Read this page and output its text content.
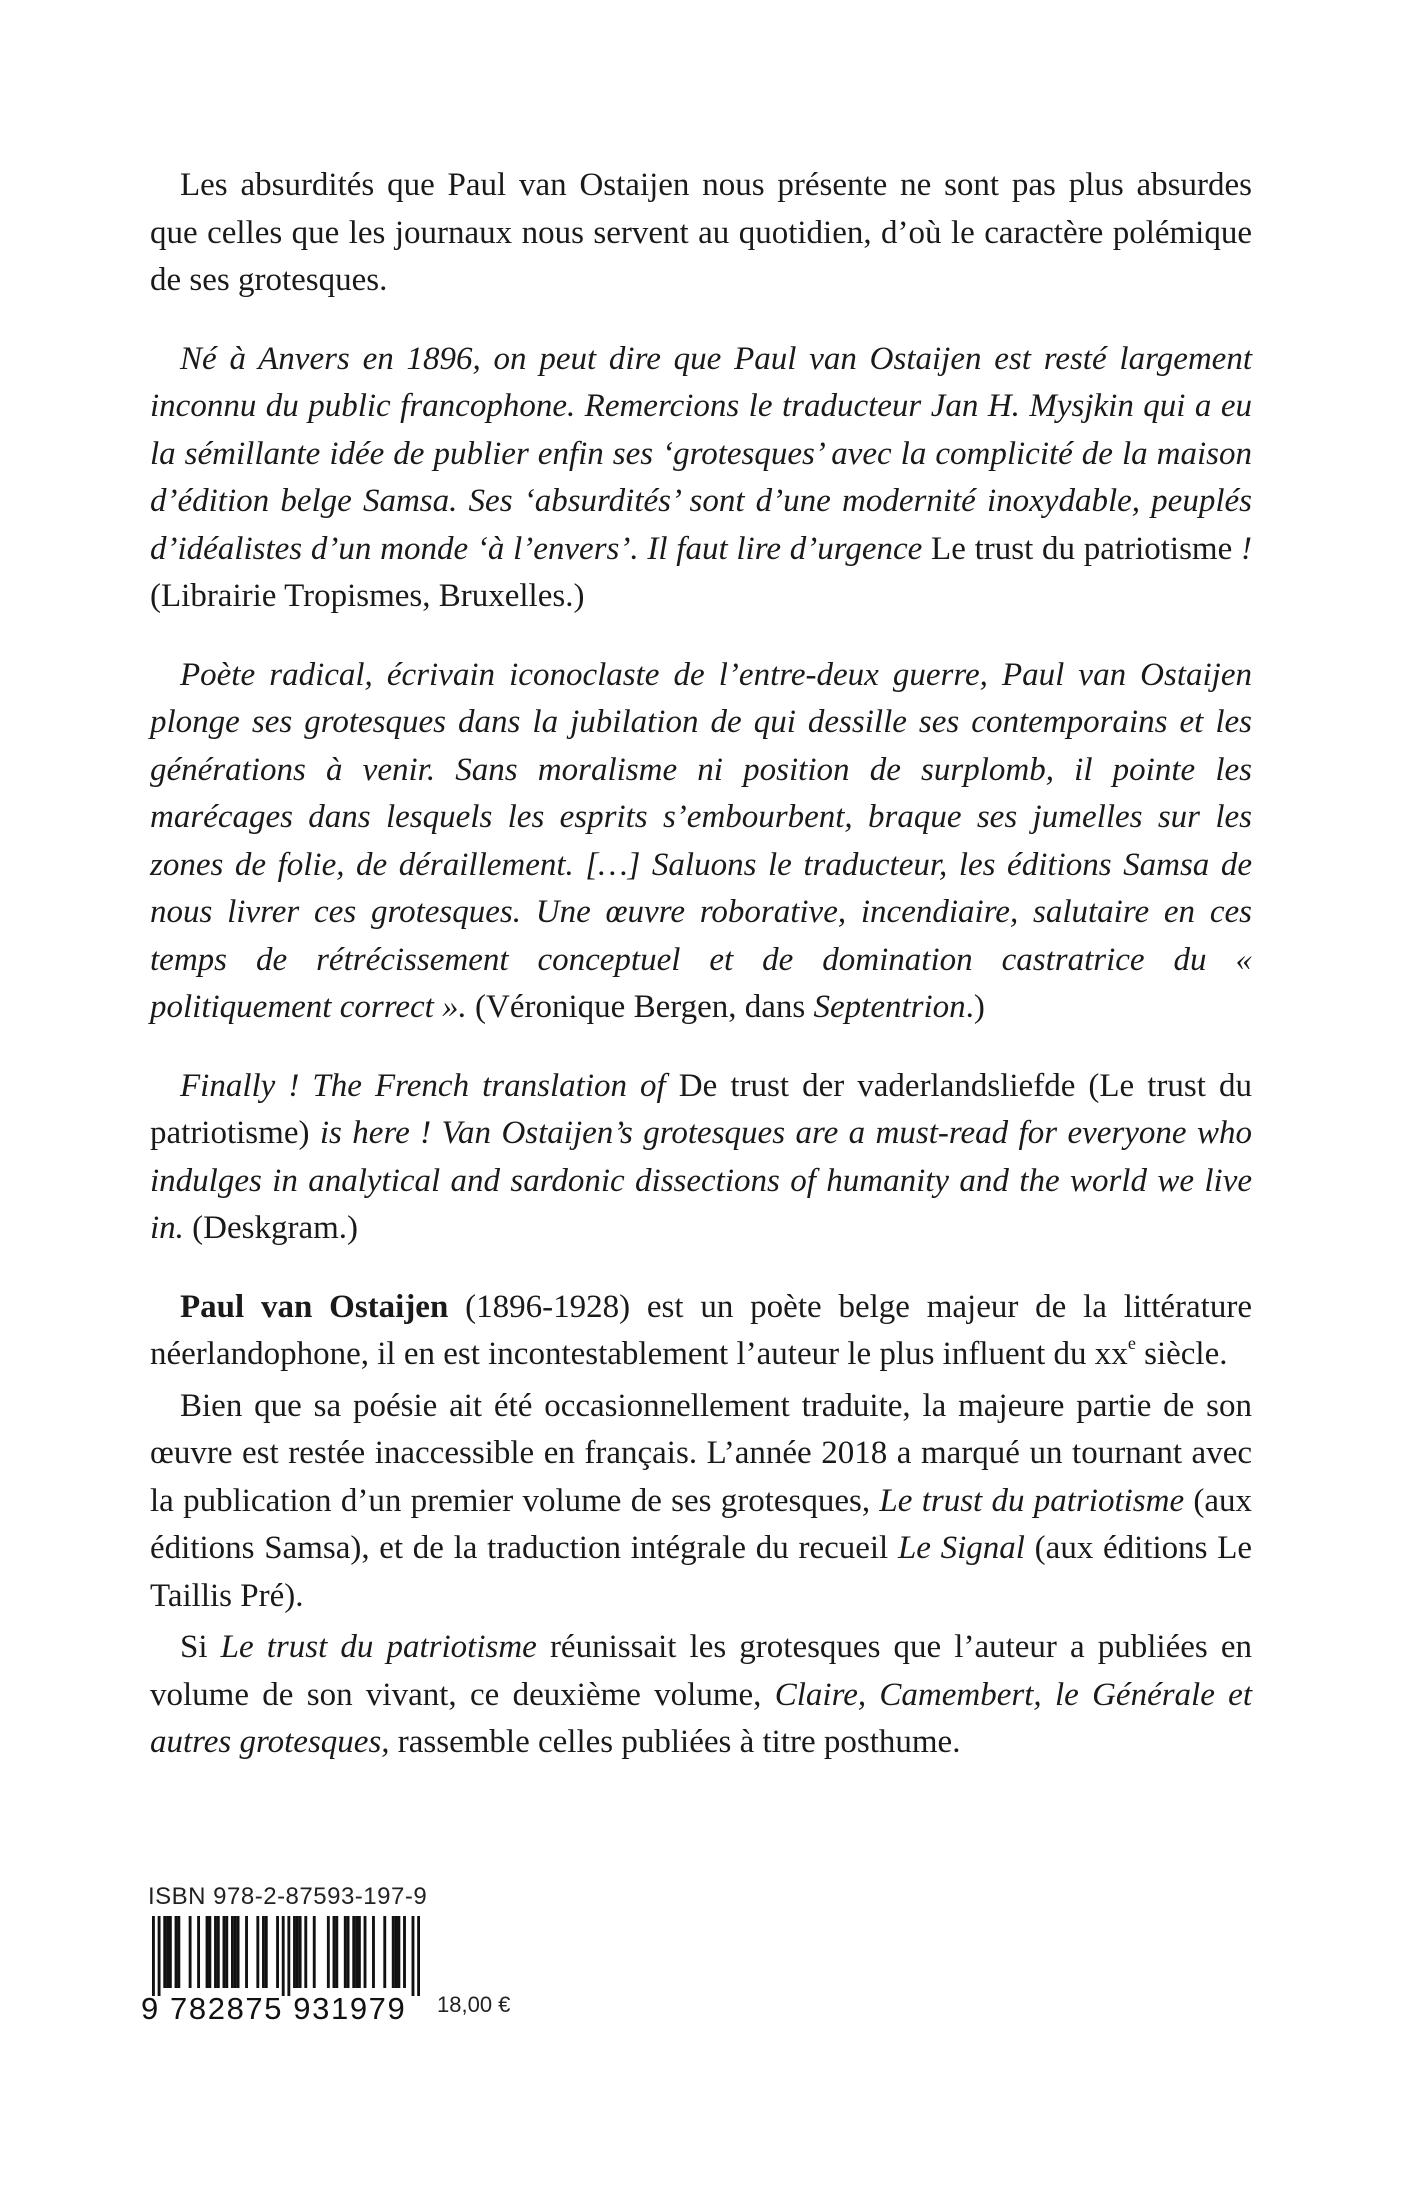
Les absurdités que Paul van Ostaijen nous présente ne sont pas plus absurdes que celles que les journaux nous servent au quotidien, d’où le caractère polémique de ses grotesques.

Né à Anvers en 1896, on peut dire que Paul van Ostaijen est resté largement inconnu du public francophone. Remercions le traducteur Jan H. Mysjkin qui a eu la sémillante idée de publier enfin ses ‘grotesques’ avec la complicité de la maison d’édition belge Samsa. Ses ‘absurdités’ sont d’une modernité inoxydable, peuplés d’idéalistes d’un monde ‘à l’envers’. Il faut lire d’urgence Le trust du patriotisme ! (Librairie Tropismes, Bruxelles.)

Poète radical, écrivain iconoclaste de l’entre-deux guerre, Paul van Ostaijen plonge ses grotesques dans la jubilation de qui dessille ses contemporains et les générations à venir. Sans moralisme ni position de surplomb, il pointe les marécages dans lesquels les esprits s’embourbent, braque ses jumelles sur les zones de folie, de déraillement. […] Saluons le traducteur, les éditions Samsa de nous livrer ces grotesques. Une œuvre roborative, incendiaire, salutaire en ces temps de rétrécissement conceptuel et de domination castratrice du « politiquement correct ». (Véronique Bergen, dans Septentrion.)

Finally ! The French translation of De trust der vaderlandsliefde (Le trust du patriotisme) is here ! Van Ostaijen’s grotesques are a must-read for everyone who indulges in analytical and sardonic dissections of humanity and the world we live in. (Deskgram.)

Paul van Ostaijen (1896-1928) est un poète belge majeur de la littérature néerlandophone, il en est incontestablement l’auteur le plus influent du $xx^e$ siècle.

Bien que sa poésie ait été occasionnellement traduite, la majeure partie de son œuvre est restée inaccessible en français. L’année 2018 a marqué un tournant avec la publication d’un premier volume de ses grotesques, Le trust du patriotisme (aux éditions Samsa), et de la traduction intégrale du recueil Le Signal (aux éditions Le Taillis Pré).

Si Le trust du patriotisme réunissait les grotesques que l’auteur a publiées en volume de son vivant, ce deuxième volume, Claire, Camembert, le Générale et autres grotesques, rassemble celles publiées à titre posthume.

ISBN 978-2-87593-197-9
9 782875 931979	18,00 €
